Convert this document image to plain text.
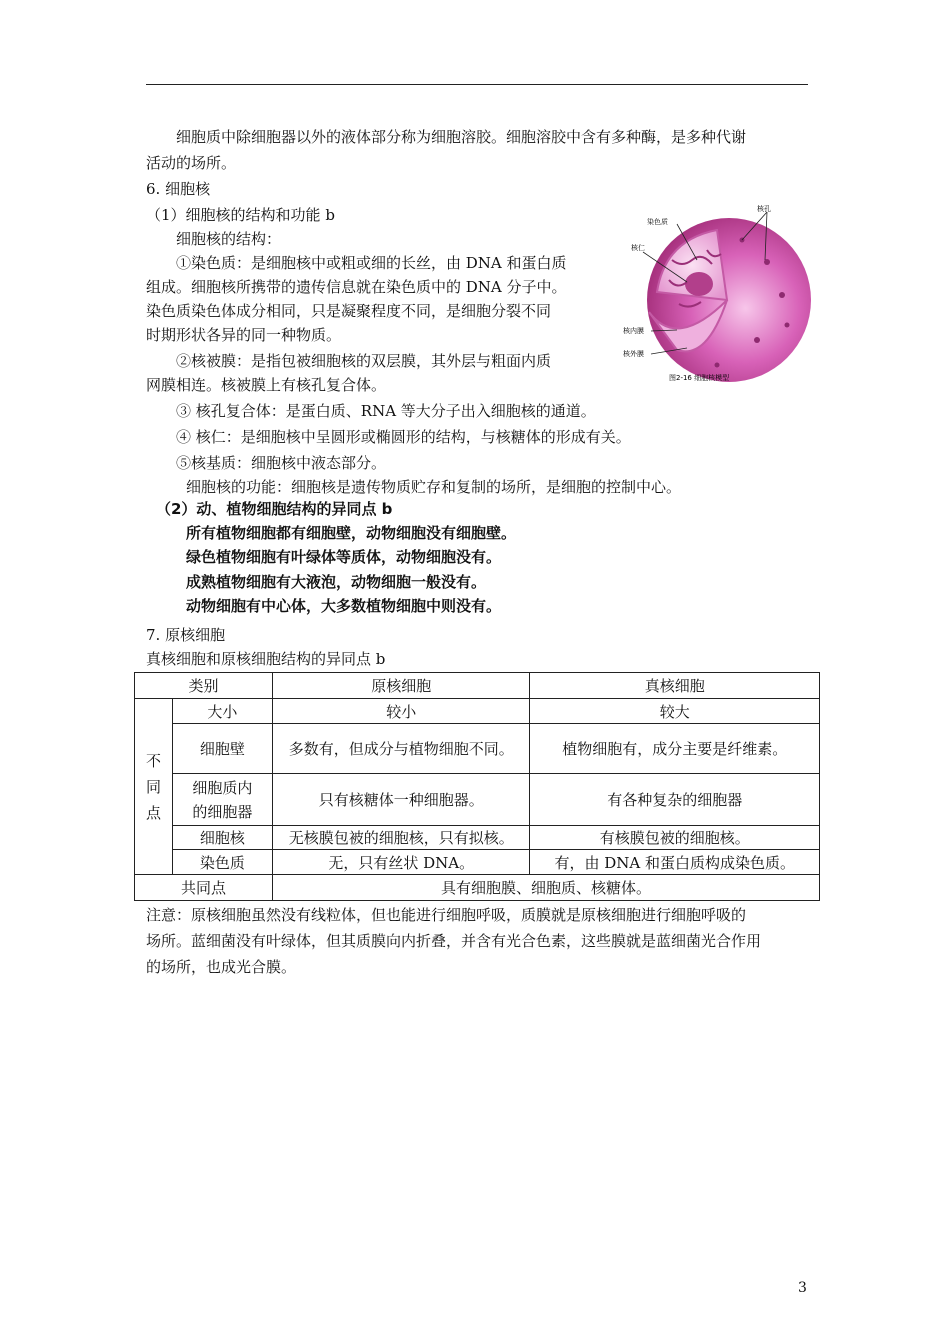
细胞质中除细胞器以外的液体部分称为细胞溶胶。细胞溶胶中含有多种酶，是多种代谢
活动的场所。
6. 细胞核
（1）细胞核的结构和功能 b
细胞核的结构：
①染色质：是细胞核中或粗或细的长丝，由 DNA 和蛋白质
组成。细胞核所携带的遗传信息就在染色质中的 DNA 分子中。
染色质染色体成分相同，只是凝聚程度不同，是细胞分裂不同
时期形状各异的同一种物质。
②核被膜：是指包被细胞核的双层膜，其外层与粗面内质
网膜相连。核被膜上有核孔复合体。
③ 核孔复合体：是蛋白质、RNA 等大分子出入细胞核的通道。
④ 核仁：是细胞核中呈圆形或椭圆形的结构，与核糖体的形成有关。
⑤核基质：细胞核中液态部分。
细胞核的功能：细胞核是遗传物质贮存和复制的场所，是细胞的控制中心。
（2）动、植物细胞结构的异同点 b
所有植物细胞都有细胞壁，动物细胞没有细胞壁。
绿色植物细胞有叶绿体等质体，动物细胞没有。
成熟植物细胞有大液泡，动物细胞一般没有。
动物细胞有中心体，大多数植物细胞中则没有。
染色质
核孔
核仁
核内膜
核外膜
图2-16 细胞核模型
7. 原核细胞
真核细胞和原核细胞结构的异同点 b
类别		原核细胞	真核细胞

不同点	大小	较小	较大
	细胞壁	多数有，但成分与植物细胞不同。	植物细胞有，成分主要是纤维素。

	细胞质内的细胞器	只有核糖体一种细胞器。	有各种复杂的细胞器
	细胞核	无核膜包被的细胞核，只有拟核。	有核膜包被的细胞核。
	染色质	无，只有丝状 DNA。	有，由 DNA 和蛋白质构成染色质。
共同点		具有细胞膜、细胞质、核糖体。	
注意：原核细胞虽然没有线粒体，但也能进行细胞呼吸，质膜就是原核细胞进行细胞呼吸的
场所。蓝细菌没有叶绿体，但其质膜向内折叠，并含有光合色素，这些膜就是蓝细菌光合作用
的场所，也成光合膜。
3
